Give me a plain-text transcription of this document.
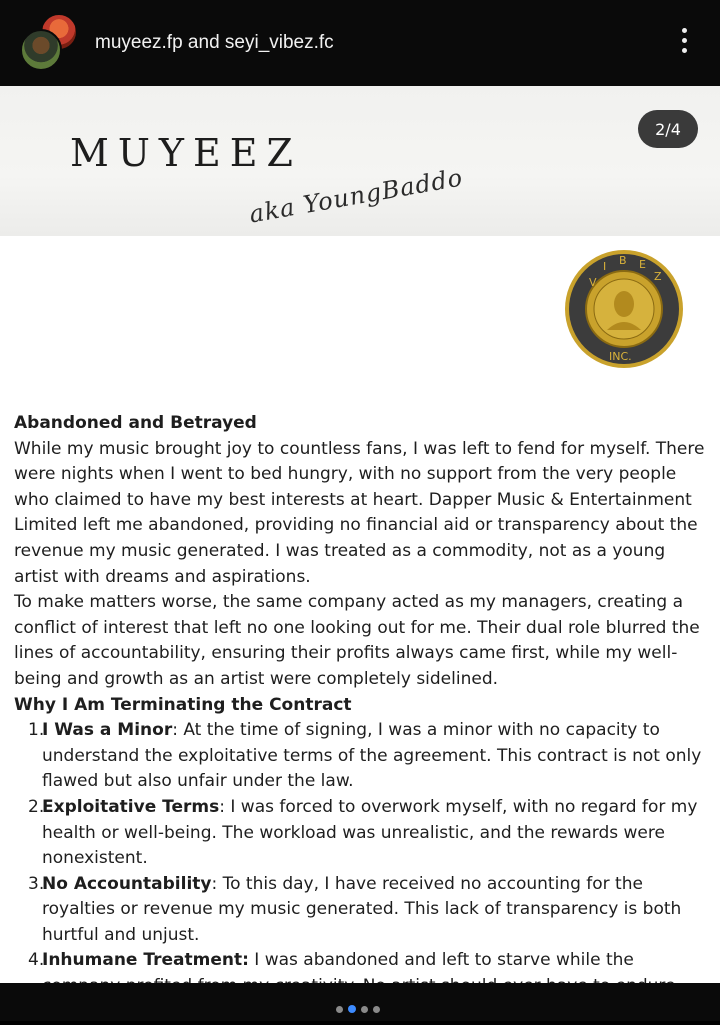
muyeez.fp and seyi_vibez.fc
MUYEEZ
aka YoungBaddo
2/4
V
I B E
Z
INC.

Abandoned and Betrayed

While my music brought joy to countless fans, I was left to fend for myself. There were nights when I went to bed hungry, with no support from the very people who claimed to have my best interests at heart. Dapper Music & Entertainment Limited left me abandoned, providing no financial aid or transparency about the revenue my music generated. I was treated as a commodity, not as a young artist with dreams and aspirations.

To make matters worse, the same company acted as my managers, creating a conflict of interest that left no one looking out for me. Their dual role blurred the lines of accountability, ensuring their profits always came first, while my well-being and growth as an artist were completely sidelined.

Why I Am Terminating the Contract

1.
I Was a Minor: At the time of signing, I was a minor with no capacity to understand the exploitative terms of the agreement. This contract is not only flawed but also unfair under the law.
2.
Exploitative Terms: I was forced to overwork myself, with no regard for my health or well-being. The workload was unrealistic, and the rewards were nonexistent.
3.
No Accountability: To this day, I have received no accounting for the royalties or revenue my music generated. This lack of transparency is both hurtful and unjust.
4.
Inhumane Treatment: I was abandoned and left to starve while the
